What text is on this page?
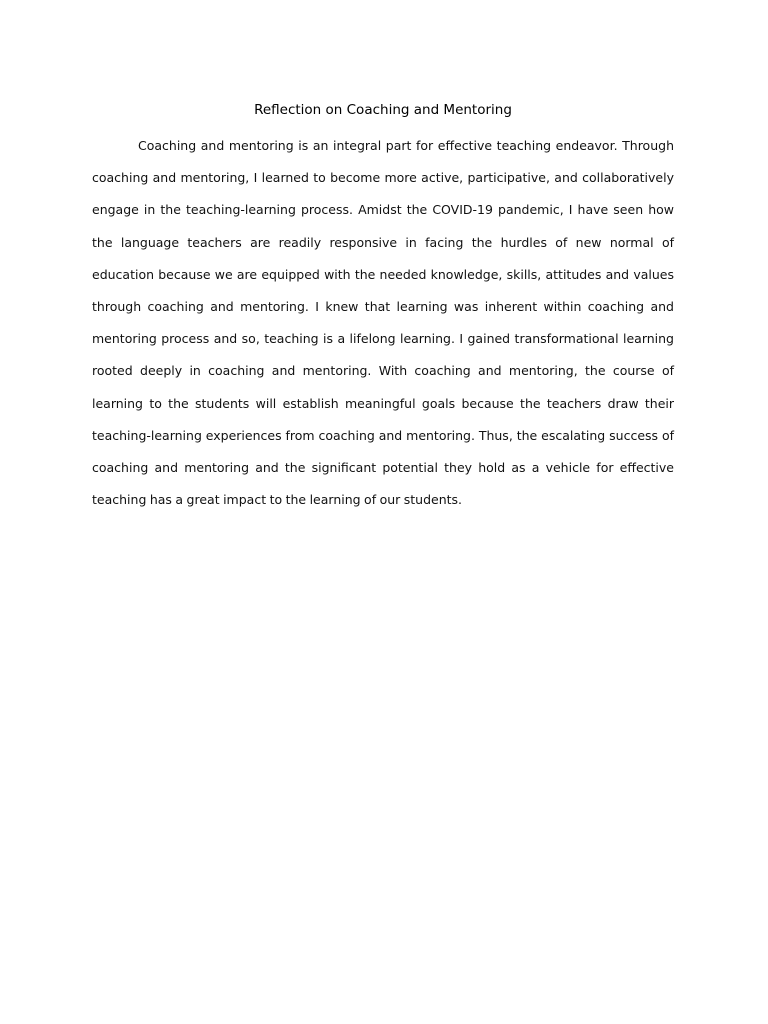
Reflection on Coaching and Mentoring

Coaching and mentoring is an integral part for effective teaching endeavor. Through coaching and mentoring, I learned to become more active, participative, and collaboratively engage in the teaching-learning process. Amidst the COVID-19 pandemic, I have seen how the language teachers are readily responsive in facing the hurdles of new normal of education because we are equipped with the needed knowledge, skills, attitudes and values through coaching and mentoring. I knew that learning was inherent within coaching and mentoring process and so, teaching is a lifelong learning. I gained transformational learning rooted deeply in coaching and mentoring. With coaching and mentoring, the course of learning to the students will establish meaningful goals because the teachers draw their teaching-learning experiences from coaching and mentoring. Thus, the escalating success of coaching and mentoring and the significant potential they hold as a vehicle for effective teaching has a great impact to the learning of our students.
